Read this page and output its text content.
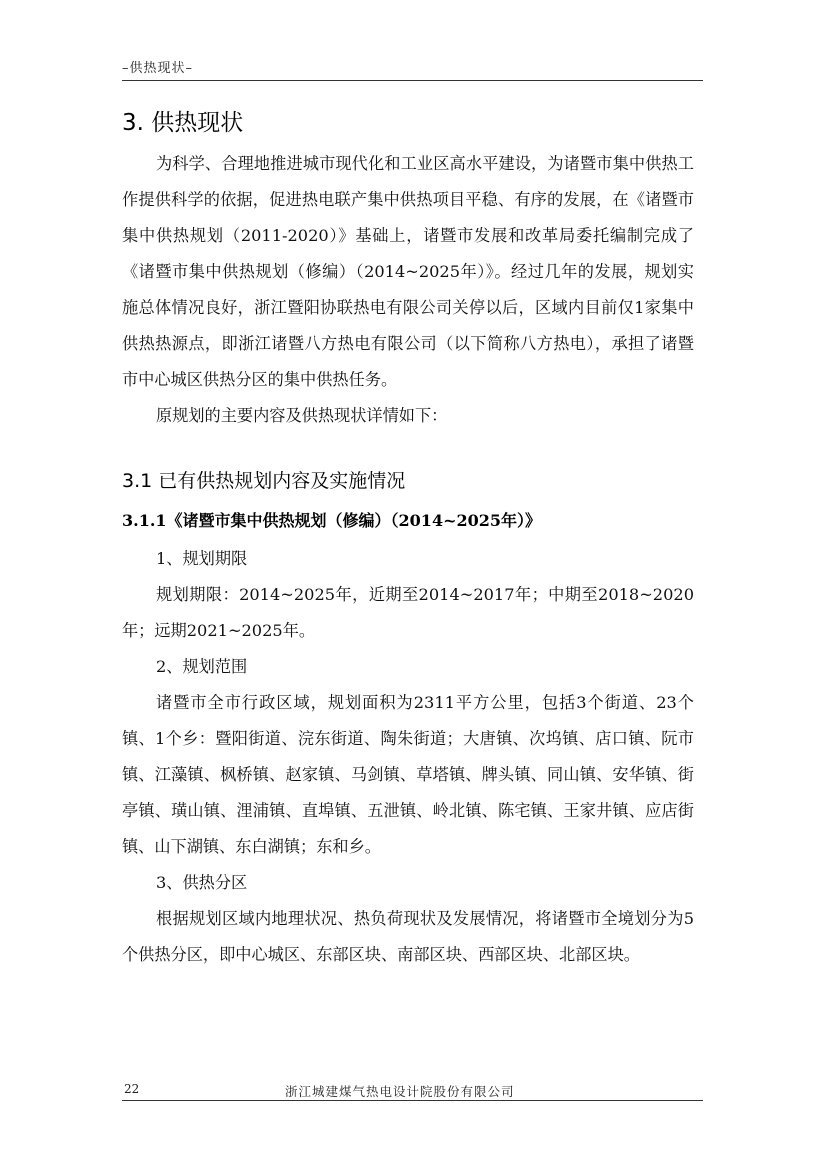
–供热现状–
3. 供热现状
为科学、合理地推进城市现代化和工业区高水平建设，为诸暨市集中供热工作提供科学的依据，促进热电联产集中供热项目平稳、有序的发展，在《诸暨市集中供热规划（2011-2020）》基础上，诸暨市发展和改革局委托编制完成了《诸暨市集中供热规划（修编）（2014~2025年）》。经过几年的发展，规划实施总体情况良好，浙江暨阳协联热电有限公司关停以后，区域内目前仅1家集中供热热源点，即浙江诸暨八方热电有限公司（以下简称八方热电），承担了诸暨市中心城区供热分区的集中供热任务。
原规划的主要内容及供热现状详情如下：
3.1 已有供热规划内容及实施情况
3.1.1《诸暨市集中供热规划（修编）（2014~2025年）》
1、规划期限
规划期限：2014~2025年，近期至2014~2017年；中期至2018~2020年；远期2021~2025年。
2、规划范围
诸暨市全市行政区域，规划面积为2311平方公里，包括3个街道、23个镇、1个乡：暨阳街道、浣东街道、陶朱街道；大唐镇、次坞镇、店口镇、阮市镇、江藻镇、枫桥镇、赵家镇、马剑镇、草塔镇、牌头镇、同山镇、安华镇、街亭镇、璜山镇、浬浦镇、直埠镇、五泄镇、岭北镇、陈宅镇、王家井镇、应店街镇、山下湖镇、东白湖镇；东和乡。
3、供热分区
根据规划区域内地理状况、热负荷现状及发展情况，将诸暨市全境划分为5个供热分区，即中心城区、东部区块、南部区块、西部区块、北部区块。
22	浙江城建煤气热电设计院股份有限公司
